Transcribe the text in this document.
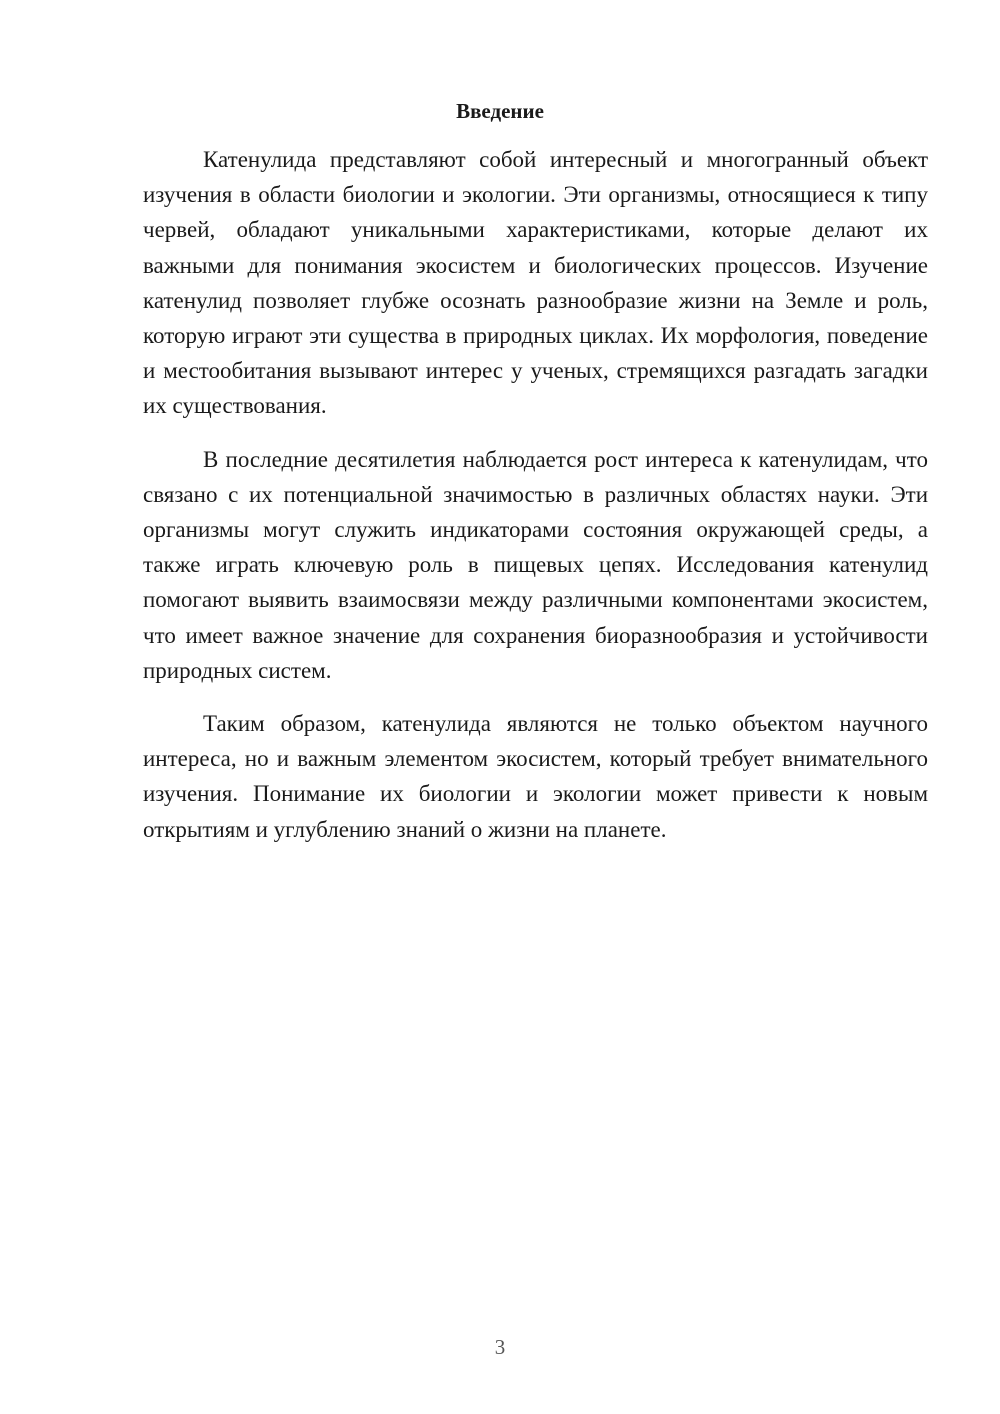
Введение

Катенулида представляют собой интересный и многогранный объект изучения в области биологии и экологии. Эти организмы, относящиеся к типу червей, обладают уникальными характеристиками, которые делают их важными для понимания экосистем и биологических процессов. Изучение катенулид позволяет глубже осознать разнообразие жизни на Земле и роль, которую играют эти существа в природных циклах. Их морфология, поведение и местообитания вызывают интерес у ученых, стремящихся разгадать загадки их существования.

В последние десятилетия наблюдается рост интереса к катенулидам, что связано с их потенциальной значимостью в различных областях науки. Эти организмы могут служить индикаторами состояния окружающей среды, а также играть ключевую роль в пищевых цепях. Исследования катенулид помогают выявить взаимосвязи между различными компонентами экосистем, что имеет важное значение для сохранения биоразнообразия и устойчивости природных систем.

Таким образом, катенулида являются не только объектом научного интереса, но и важным элементом экосистем, который требует внимательного изучения. Понимание их биологии и экологии может привести к новым открытиям и углублению знаний о жизни на планете.

3
